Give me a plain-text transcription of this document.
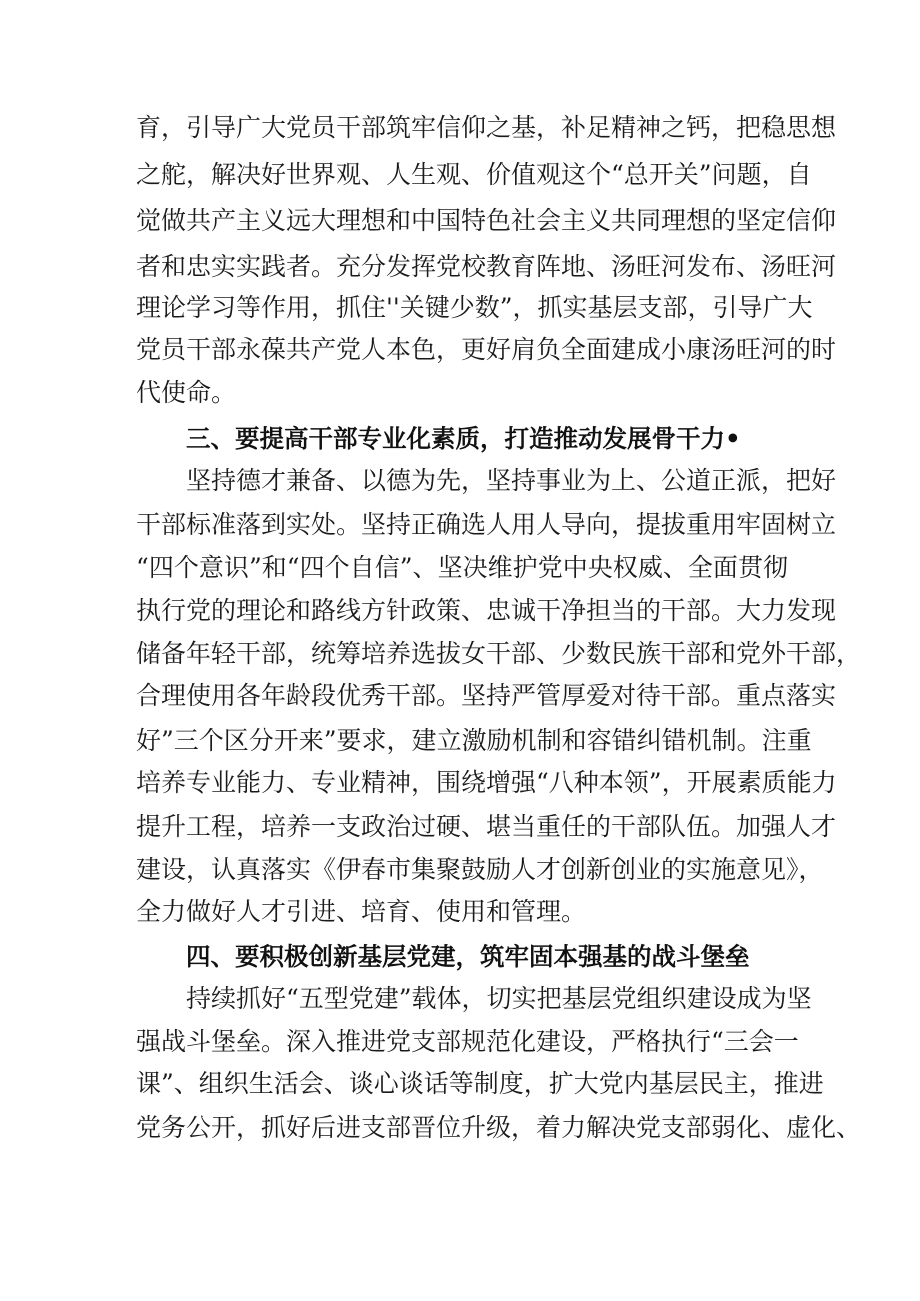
育，引导广大党员干部筑牢信仰之基，补足精神之钙，把稳思想
之舵，解决好世界观、人生观、价值观这个“总开关”问题，自
觉做共产主义远大理想和中国特色社会主义共同理想的坚定信仰
者和忠实实践者。充分发挥党校教育阵地、汤旺河发布、汤旺河
理论学习等作用，抓住''关键少数”，抓实基层支部，引导广大
党员干部永葆共产党人本色，更好肩负全面建成小康汤旺河的时
代使命。
三、要提高干部专业化素质，打造推动发展骨干力•
坚持德才兼备、以德为先，坚持事业为上、公道正派，把好
干部标准落到实处。坚持正确选人用人导向，提拔重用牢固树立
“四个意识”和“四个自信”、坚决维护党中央权威、全面贯彻
执行党的理论和路线方针政策、忠诚干净担当的干部。大力发现
储备年轻干部，统筹培养选拔女干部、少数民族干部和党外干部，
合理使用各年龄段优秀干部。坚持严管厚爱对待干部。重点落实
好”三个区分开来”要求，建立激励机制和容错纠错机制。注重
培养专业能力、专业精神，围绕增强“八种本领”，开展素质能力
提升工程，培养一支政治过硬、堪当重任的干部队伍。加强人才
建设，认真落实《伊春市集聚鼓励人才创新创业的实施意见》，
全力做好人才引进、培育、使用和管理。
四、要积极创新基层党建，筑牢固本强基的战斗堡垒
持续抓好“五型党建”载体，切实把基层党组织建设成为坚
强战斗堡垒。深入推进党支部规范化建设，严格执行“三会一
课”、组织生活会、谈心谈话等制度，扩大党内基层民主，推进
党务公开，抓好后进支部晋位升级，着力解决党支部弱化、虚化、
